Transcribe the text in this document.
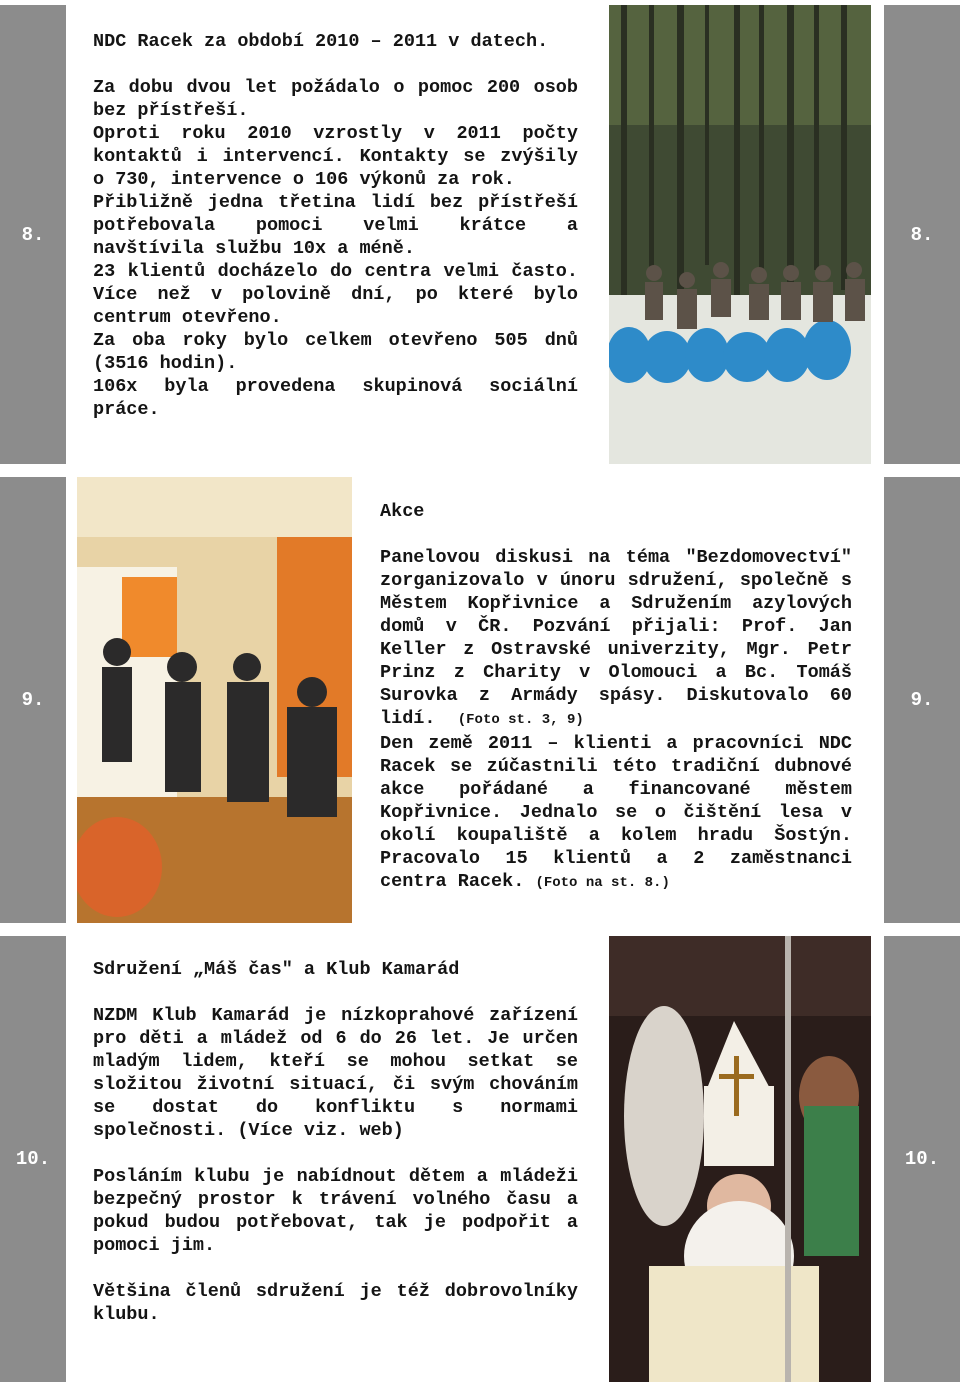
8.	8.

NDC Racek za období 2010 – 2011 v datech.

Za dobu dvou let požádalo o pomoc 200 osob bez přístřeší.

Oproti roku 2010 vzrostly v 2011 počty kontaktů i intervencí. Kontakty se zvýšily o 730, intervence o 106 výkonů za rok.

Přibližně jedna třetina lidí bez přístřeší potřebovala pomoci velmi krátce a navštívila službu 10x a méně.

23 klientů docházelo do centra velmi často. Více než v polovině dní, po které bylo centrum otevřeno.

Za oba roky bylo celkem otevřeno 505 dnů (3516 hodin).

106x byla provedena skupinová sociální práce.

9.	9.

Akce

Panelovou diskusi na téma "Bezdomovectví" zorganizovalo v únoru sdružení, společně s Městem Kopřivnice a Sdružením azylových domů v ČR. Pozvání přijali: Prof. Jan Keller z Ostravské univerzity, Mgr. Petr Prinz z Charity v Olomouci a Bc. Tomáš Surovka z Armády spásy. Diskutovalo 60 lidí. (Foto st. 3, 9)

Den země 2011 – klienti a pracovníci NDC Racek se zúčastnili této tradiční dubnové akce pořádané a financované městem Kopřivnice. Jednalo se o čištění lesa v okolí koupaliště a kolem hradu Šostýn. Pracovalo 15 klientů a 2 zaměstnanci centra Racek. (Foto na st. 8.)

10.	10.

Sdružení „Máš čas" a Klub Kamarád

NZDM Klub Kamarád je nízkoprahové zařízení pro děti a mládež od 6 do 26 let. Je určen mladým lidem, kteří se mohou setkat se složitou životní situací, či svým chováním se dostat do konfliktu s normami společnosti. (Více viz. web)

Posláním klubu je nabídnout dětem a mládeži bezpečný prostor k trávení volného času a pokud budou potřebovat, tak je podpořit a pomoci jim.

Většina členů sdružení je též dobrovolníky klubu.
